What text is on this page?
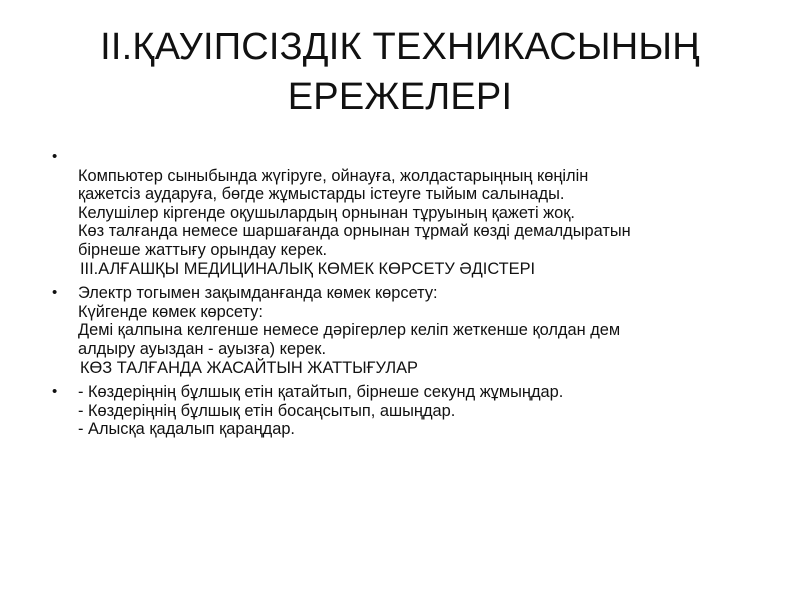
II.ҚАУІПСІЗДІК ТЕХНИКАСЫНЫҢ
ЕРЕЖЕЛЕРІ
•
Компьютер сыныбында жүгіруге, ойнауға, жолдастарыңның көңілін
қажетсіз аударуға, бөгде жұмыстарды істеуге тыйым салынады.
Келушілер кіргенде оқушылардың орнынан тұруының қажеті жоқ.
Көз талғанда немесе шаршағанда орнынан тұрмай көзді демалдыратын
бірнеше жаттығу орындау керек.
III.АЛҒАШҚЫ МЕДИЦИНАЛЫҚ КӨМЕК КӨРСЕТУ ӘДІСТЕРІ
• Электр тогымен зақымданғанда көмек көрсету:
Күйгенде көмек көрсету:
Демі қалпына келгенше немесе дәрігерлер келіп жеткенше қолдан дем
алдыру ауыздан - ауызға) керек.
КӨЗ ТАЛҒАНДА ЖАСАЙТЫН ЖАТТЫҒУЛАР
• - Көздеріңнің бұлшық етін қатайтып, бірнеше секунд жұмыңдар.
- Көздеріңнің бұлшық етін босаңсытып, ашыңдар.
- Алысқа қадалып қараңдар.
